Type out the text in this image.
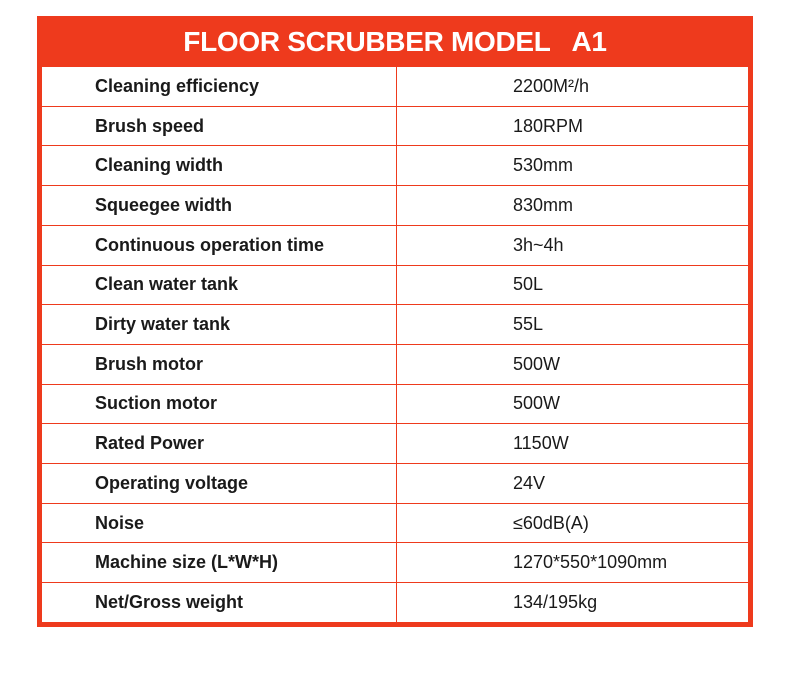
FLOOR SCRUBBER MODEL   A1
Cleaning efficiency	2200M²/h
Brush speed	180RPM
Cleaning width	530mm
Squeegee width	830mm
Continuous operation time	3h~4h
Clean water tank	50L
Dirty water tank	55L
Brush motor	500W
Suction motor	500W
Rated Power	1150W
Operating voltage	24V
Noise	≤60dB(A)
Machine size (L*W*H)	1270*550*1090mm
Net/Gross weight	134/195kg
